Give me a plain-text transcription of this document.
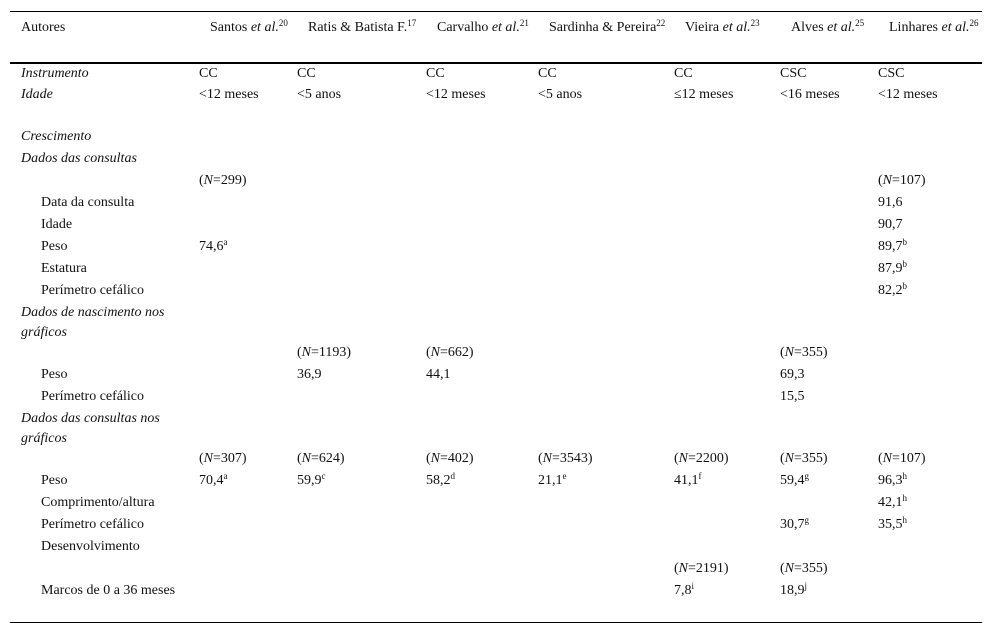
Autores	Santos et al.$^{20}$	Ratis & Batista F.$^{17}$	Carvalho et al.$^{21}$	Sardinha & Pereira$^{22}$	Vieira et al.$^{23}$	Alves et al.$^{25}$	Linhares et al.$^{26}$
Instrumento	CC	CC	CC	CC	CC	CSC	CSC
Idade	<12 meses	<5 anos	<12 meses	<5 anos	≤12 meses	<16 meses	<12 meses
Crescimento							
Dados das consultas							
	(N=299)						(N=107)
Data da consulta							91,6
Idade							90,7
Peso	74,6$^a$						89,7$^b$
Estatura							87,9$^b$
Perímetro cefálico							82,2$^b$
Dados de nascimento nos gráficos							
		(N=1193)	(N=662)			(N=355)	
Peso		36,9	44,1			69,3	
Perímetro cefálico						15,5	
Dados das consultas nos gráficos							
	(N=307)	(N=624)	(N=402)	(N=3543)	(N=2200)	(N=355)	(N=107)
Peso	70,4$^a$	59,9$^c$	58,2$^d$	21,1e	41,1$^f$	59,4$^g$	96,3$^h$
Comprimento/altura							42,1$^h$
Perímetro cefálico						30,7$^g$	35,5$^h$
Desenvolvimento							
					(N=2191)	(N=355)	
Marcos de 0 a 36 meses					7,8$^i$	18,9$^j$	
